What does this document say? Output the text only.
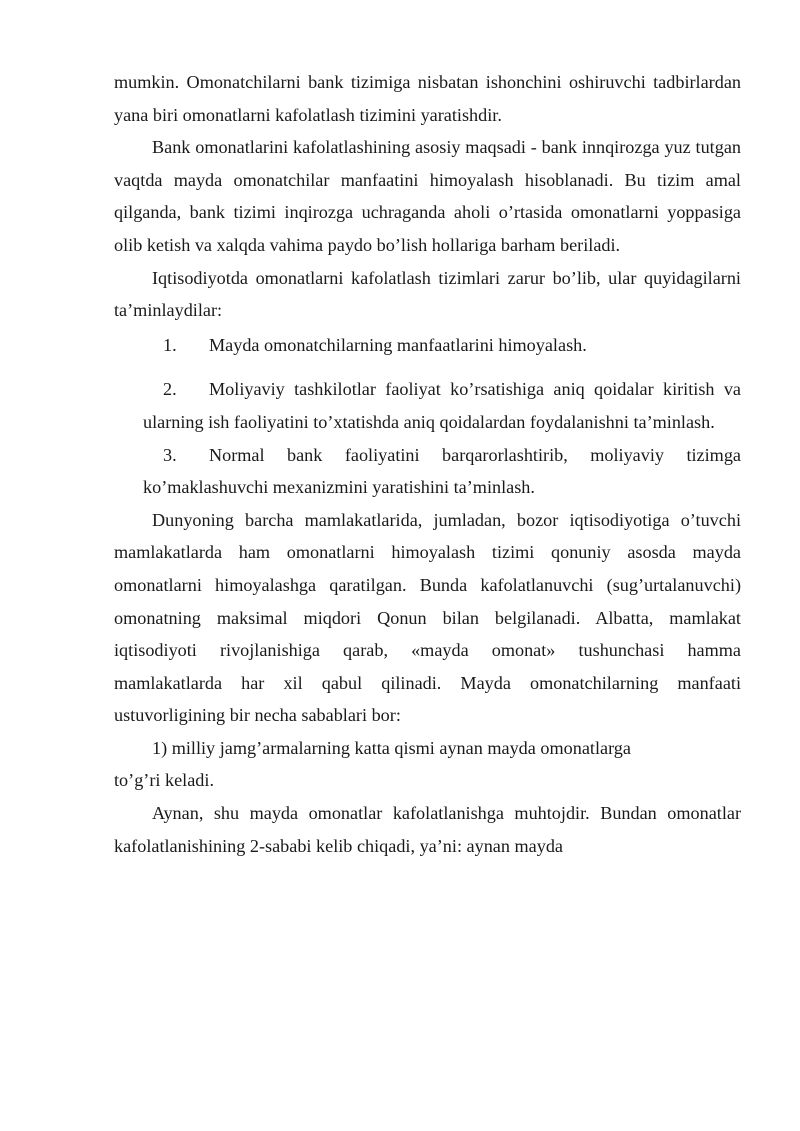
mumkin. Omonatchilarni bank tizimiga nisbatan ishonchini oshiruvchi tadbirlardan yana biri omonatlarni kafolatlash tizimini yaratishdir.

Bank omonatlarini kafolatlashining asosiy maqsadi - bank innqirozga yuz tutgan vaqtda mayda omonatchilar manfaatini himoyalash hisoblanadi. Bu tizim amal qilganda, bank tizimi inqirozga uchraganda aholi o’rtasida omonatlarni yoppasiga olib ketish va xalqda vahima paydo bo’lish hollariga barham beriladi.

Iqtisodiyotda omonatlarni kafolatlash tizimlari zarur bo’lib, ular quyidagilarni ta’minlaydilar:

1. Mayda omonatchilarning manfaatlarini himoyalash.
2. Moliyaviy tashkilotlar faoliyat ko’rsatishiga aniq qoidalar kiritish va ularning ish faoliyatini to’xtatishda aniq qoidalardan foydalanishni ta’minlash.
3. Normal bank faoliyatini barqarorlashtirib, moliyaviy tizimga ko’maklashuvchi mexanizmini yaratishini ta’minlash.

Dunyoning barcha mamlakatlarida, jumladan, bozor iqtisodiyotiga o’tuvchi mamlakatlarda ham omonatlarni himoyalash tizimi qonuniy asosda mayda omonatlarni himoyalashga qaratilgan. Bunda kafolatlanuvchi (sug’urtalanuvchi) omonatning maksimal miqdori Qonun bilan belgilanadi. Albatta, mamlakat iqtisodiyoti rivojlanishiga qarab, «mayda omonat» tushunchasi hamma mamlakatlarda har xil qabul qilinadi. Mayda omonatchilarning manfaati ustuvorligining bir necha sabablari bor:

1) milliy jamg’armalarning katta qismi aynan mayda omonatlarga

to’g’ri keladi.

Aynan, shu mayda omonatlar kafolatlanishga muhtojdir. Bundan omonatlar kafolatlanishining 2-sababi kelib chiqadi, ya’ni: aynan mayda
